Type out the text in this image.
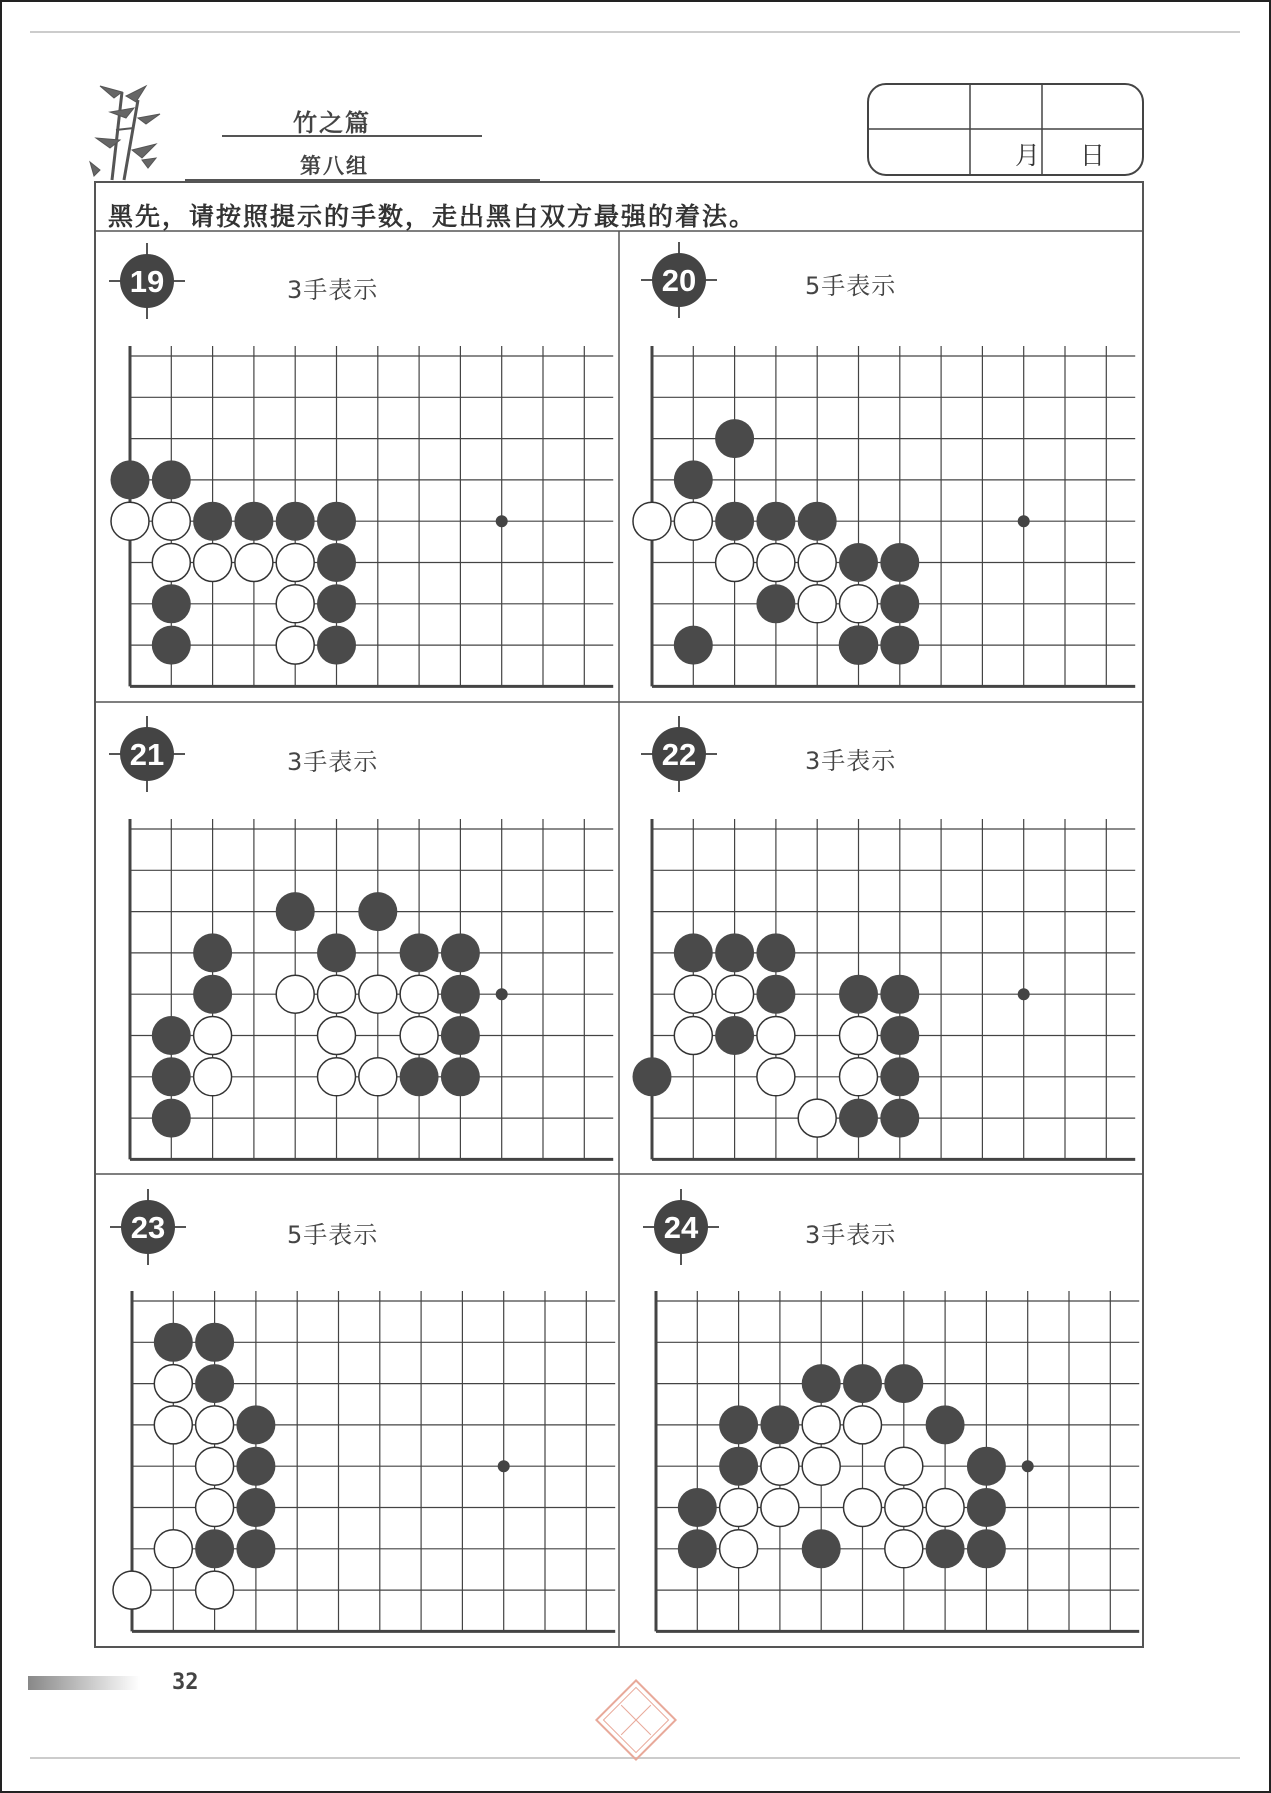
19	20
21	22
23	24
竹之篇
第八组	月 日
黑先，请按照提示的手数，走出黑白双方最强的着法。
3手表示	5手表示
3手表示	3手表示
5手表示	3手表示
32
